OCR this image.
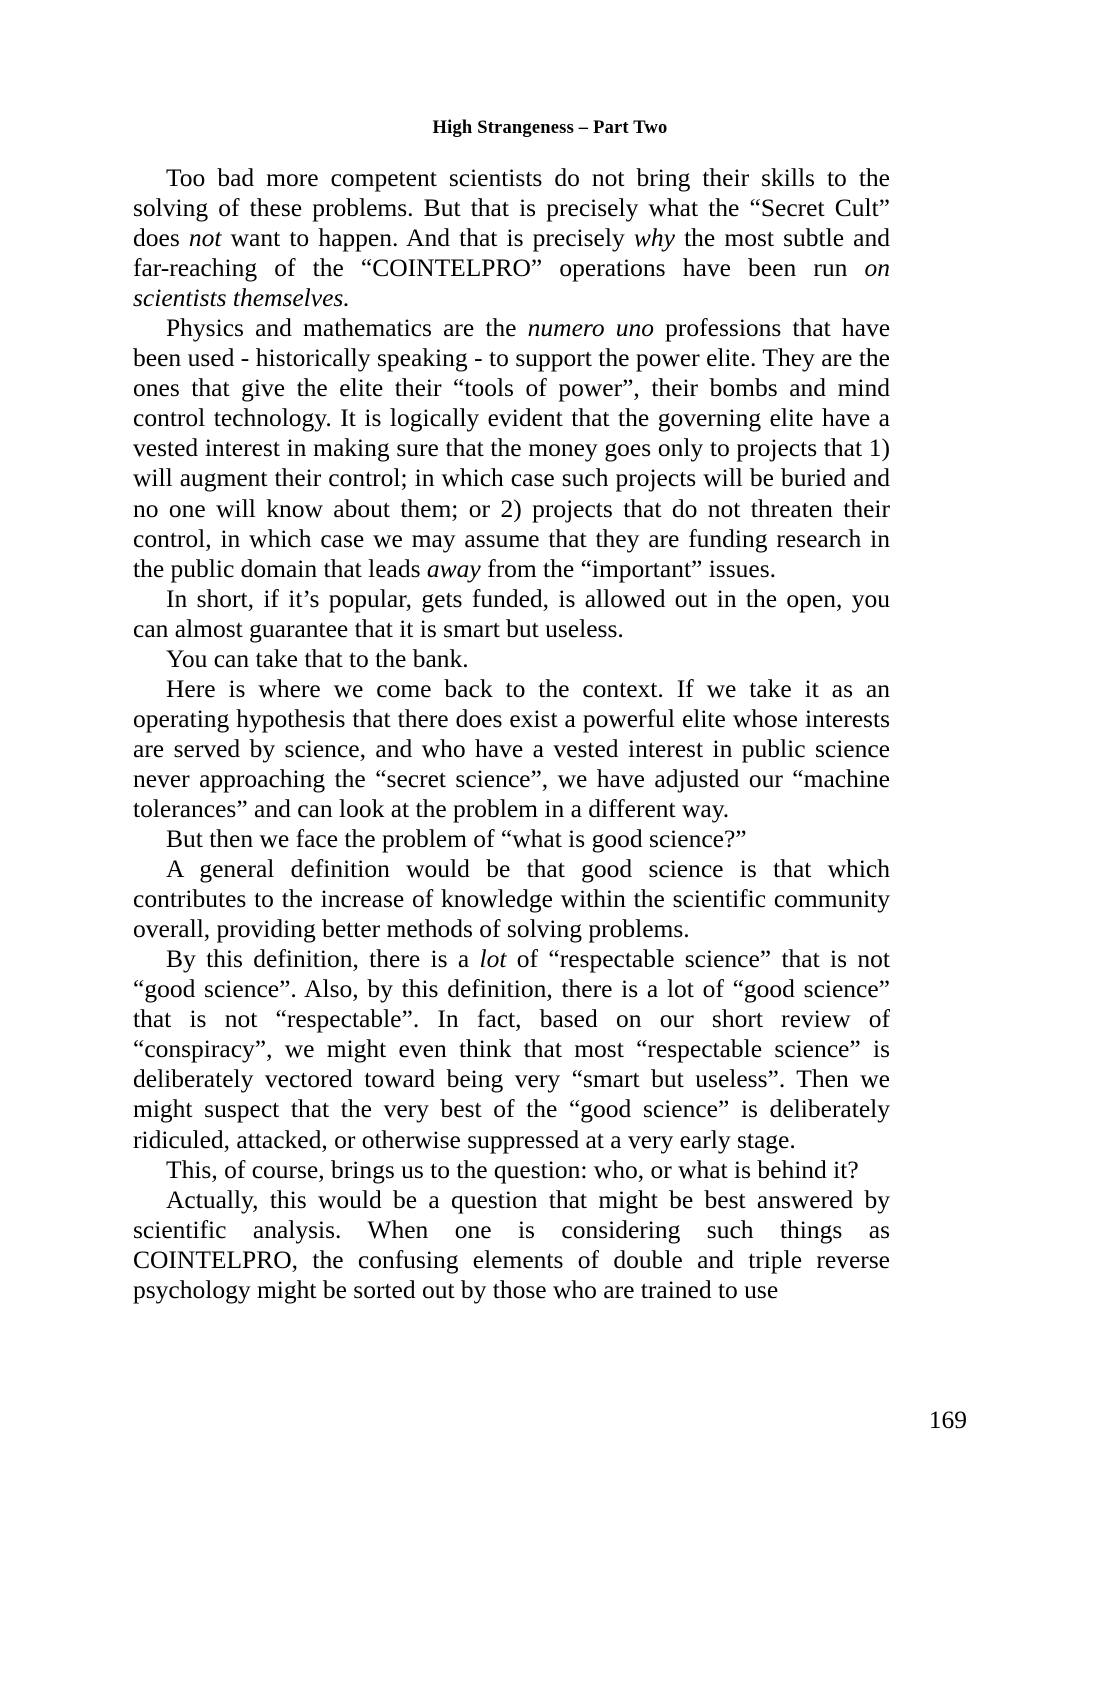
High Strangeness – Part Two

Too bad more competent scientists do not bring their skills to the solving of these problems. But that is precisely what the “Secret Cult” does not want to happen. And that is precisely why the most subtle and far-reaching of the “COINTELPRO” operations have been run on scientists themselves.

Physics and mathematics are the numero uno professions that have been used - historically speaking - to support the power elite. They are the ones that give the elite their “tools of power”, their bombs and mind control technology. It is logically evident that the governing elite have a vested interest in making sure that the money goes only to projects that 1) will augment their control; in which case such projects will be buried and no one will know about them; or 2) projects that do not threaten their control, in which case we may assume that they are funding research in the public domain that leads away from the “important” issues.

In short, if it’s popular, gets funded, is allowed out in the open, you can almost guarantee that it is smart but useless.

You can take that to the bank.

Here is where we come back to the context. If we take it as an operating hypothesis that there does exist a powerful elite whose interests are served by science, and who have a vested interest in public science never approaching the “secret science”, we have adjusted our “machine tolerances” and can look at the problem in a different way.

But then we face the problem of “what is good science?”

A general definition would be that good science is that which contributes to the increase of knowledge within the scientific community overall, providing better methods of solving problems.

By this definition, there is a lot of “respectable science” that is not “good science”. Also, by this definition, there is a lot of “good science” that is not “respectable”. In fact, based on our short review of “conspiracy”, we might even think that most “respectable science” is deliberately vectored toward being very “smart but useless”. Then we might suspect that the very best of the “good science” is deliberately ridiculed, attacked, or otherwise suppressed at a very early stage.

This, of course, brings us to the question: who, or what is behind it?

Actually, this would be a question that might be best answered by scientific analysis. When one is considering such things as COINTELPRO, the confusing elements of double and triple reverse psychology might be sorted out by those who are trained to use

169
